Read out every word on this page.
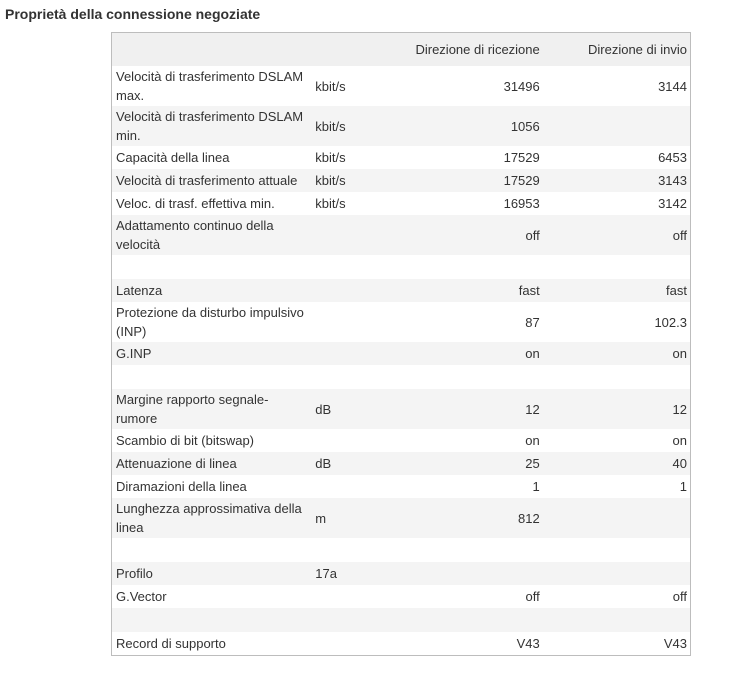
Proprietà della connessione negoziate
		Direzione di ricezione	Direzione di invio
Velocità di trasferimento DSLAM max.	kbit/s	31496	3144
Velocità di trasferimento DSLAM min.	kbit/s	1056	
Capacità della linea	kbit/s	17529	6453
Velocità di trasferimento attuale	kbit/s	17529	3143
Veloc. di trasf. effettiva min.	kbit/s	16953	3142
Adattamento continuo della velocità		off	off

Latenza		fast	fast
Protezione da disturbo impulsivo (INP)		87	102.3
G.INP		on	on

Margine rapporto segnale-rumore	dB	12	12
Scambio di bit (bitswap)		on	on
Attenuazione di linea	dB	25	40
Diramazioni della linea		1	1
Lunghezza approssimativa della linea	m	812	

Profilo	17a		
G.Vector		off	off

Record di supporto		V43	V43
